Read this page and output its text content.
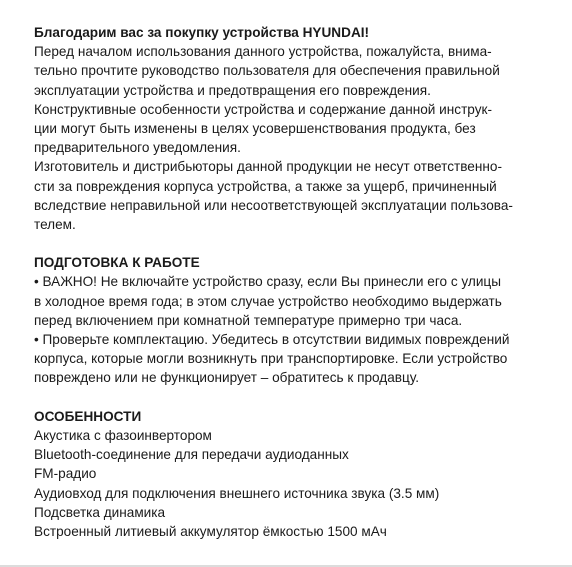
Благодарим вас за покупку устройства HYUNDAI!
Перед началом использования данного устройства, пожалуйста, внима-
тельно прочтите руководство пользователя для обеспечения правильной
эксплуатации устройства и предотвращения его повреждения.
Конструктивные особенности устройства и содержание данной инструк-
ции могут быть изменены в целях усовершенствования продукта, без
предварительного уведомления.
Изготовитель и дистрибьюторы данной продукции не несут ответственно-
сти за повреждения корпуса устройства, а также за ущерб, причиненный
вследствие неправильной или несоответствующей эксплуатации пользова-
телем.
ПОДГОТОВКА К РАБОТЕ
• ВАЖНО! Не включайте устройство сразу, если Вы принесли его с улицы
в холодное время года; в этом случае устройство необходимо выдержать
перед включением при комнатной температуре примерно три часа.
• Проверьте комплектацию. Убедитесь в отсутствии видимых повреждений
корпуса, которые могли возникнуть при транспортировке. Если устройство
повреждено или не функционирует – обратитесь к продавцу.
ОСОБЕННОСТИ
Акустика с фазоинвертором
Bluetooth-соединение для передачи аудиоданных
FM-радио
Аудиовход для подключения внешнего источника звука (3.5 мм)
Подсветка динамика
Встроенный литиевый аккумулятор ёмкостью 1500 мАч
